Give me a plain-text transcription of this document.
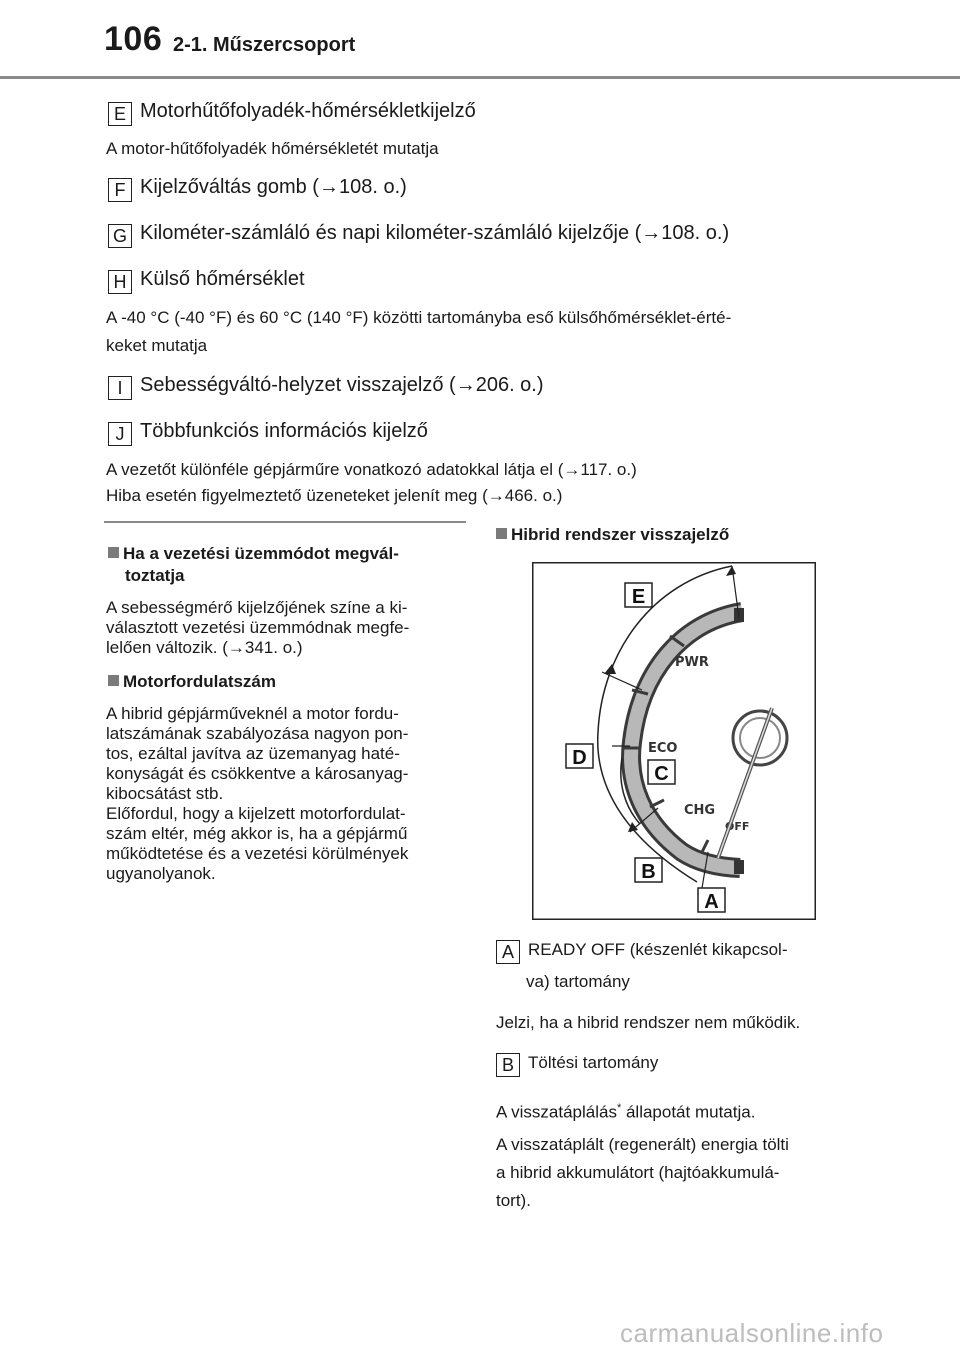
106 2-1. Műszercsoport
E Motorhűtőfolyadék-hőmérsékletkijelző
A motor-hűtőfolyadék hőmérsékletét mutatja
F Kijelzőváltás gomb (→108. o.)
G Kilométer-számláló és napi kilométer-számláló kijelzője (→108. o.)
H Külső hőmérséklet
A -40 °C (-40 °F) és 60 °C (140 °F) közötti tartományba eső külsőhőmérséklet-érté-
keket mutatja
I Sebességváltó-helyzet visszajelző (→206. o.)
J Többfunkciós információs kijelző
A vezetőt különféle gépjárműre vonatkozó adatokkal látja el (→117. o.)
Hiba esetén figyelmeztető üzeneteket jelenít meg (→466. o.)
Ha a vezetési üzemmódot megvál-
toztatja
A sebességmérő kijelzőjének színe a ki-
választott vezetési üzemmódnak megfe-
lelően változik. (→341. o.)
Motorfordulatszám
A hibrid gépjárműveknél a motor fordu-
latszámának szabályozása nagyon pon-
tos, ezáltal javítva az üzemanyag haté-
konyságát és csökkentve a károsanyag-
kibocsátást stb.
Előfordul, hogy a kijelzett motorfordulat-
szám eltér, még akkor is, ha a gépjármű
működtetése és a vezetési körülmények
ugyanolyanok.
Hibrid rendszer visszajelző
PWR
ECO
CHG
OFF
E
D
C
B
A
A READY OFF (készenlét kikapcsol-
va) tartomány
Jelzi, ha a hibrid rendszer nem működik.
B Töltési tartomány
A visszatáplálás* állapotát mutatja.
A visszatáplált (regenerált) energia tölti
a hibrid akkumulátort (hajtóakkumulá-
tort).
carmanualsonline.info
